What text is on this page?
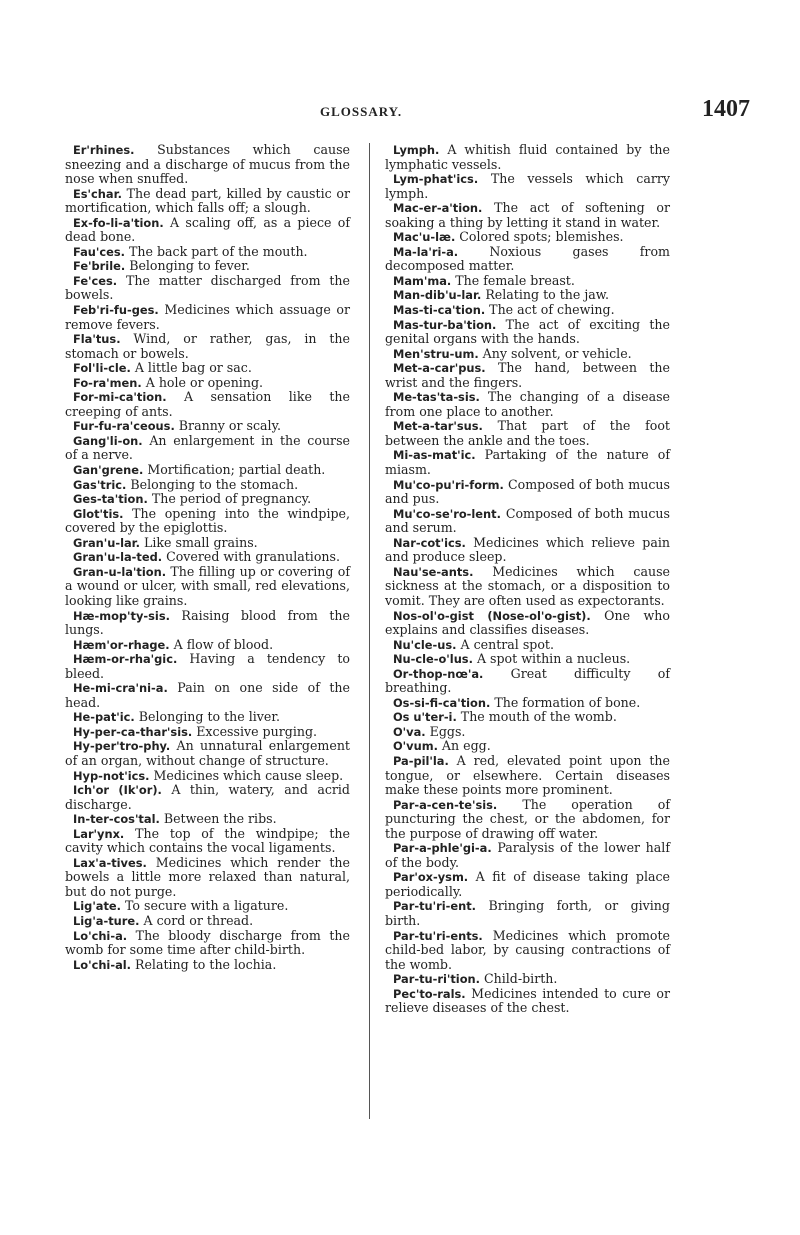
GLOSSARY.	1407

Er'rhines. Substances which cause sneezing and a discharge of mucus from the nose when snuffed.

Es'char. The dead part, killed by caustic or mortification, which falls off; a slough.

Ex-fo-li-a'tion. A scaling off, as a piece of dead bone.

Fau'ces. The back part of the mouth.

Fe'brile. Belonging to fever.

Fe'ces. The matter discharged from the bowels.

Feb'ri-fu-ges. Medicines which assuage or remove fevers.

Fla'tus. Wind, or rather, gas, in the stomach or bowels.

Fol'li-cle. A little bag or sac.

Fo-ra'men. A hole or opening.

For-mi-ca'tion. A sensation like the creeping of ants.

Fur-fu-ra'ceous. Branny or scaly.

Gang'li-on. An enlargement in the course of a nerve.

Gan'grene. Mortification; partial death.

Gas'tric. Belonging to the stomach.

Ges-ta'tion. The period of pregnancy.

Glot'tis. The opening into the windpipe, covered by the epiglottis.

Gran'u-lar. Like small grains.

Gran'u-la-ted. Covered with granulations.

Gran-u-la'tion. The filling up or covering of a wound or ulcer, with small, red elevations, looking like grains.

Hæ-mop'ty-sis. Raising blood from the lungs.

Hæm'or-rhage. A flow of blood.

Hæm-or-rha'gic. Having a tendency to bleed.

He-mi-cra'ni-a. Pain on one side of the head.

He-pat'ic. Belonging to the liver.

Hy-per-ca-thar'sis. Excessive purging.

Hy-per'tro-phy. An unnatural enlargement of an organ, without change of structure.

Hyp-not'ics. Medicines which cause sleep.

Ich'or (Ik'or). A thin, watery, and acrid discharge.

In-ter-cos'tal. Between the ribs.

Lar'ynx. The top of the windpipe; the cavity which contains the vocal ligaments.

Lax'a-tives. Medicines which render the bowels a little more relaxed than natural, but do not purge.

Lig'ate. To secure with a ligature.

Lig'a-ture. A cord or thread.

Lo'chi-a. The bloody discharge from the womb for some time after child-birth.

Lo'chi-al. Relating to the lochia.

Lymph. A whitish fluid contained by the lymphatic vessels.

Lym-phat'ics. The vessels which carry lymph.

Mac-er-a'tion. The act of softening or soaking a thing by letting it stand in water.

Mac'u-læ. Colored spots; blemishes.

Ma-la'ri-a. Noxious gases from decomposed matter.

Mam'ma. The female breast.

Man-dib'u-lar. Relating to the jaw.

Mas-ti-ca'tion. The act of chewing.

Mas-tur-ba'tion. The act of exciting the genital organs with the hands.

Men'stru-um. Any solvent, or vehicle.

Met-a-car'pus. The hand, between the wrist and the fingers.

Me-tas'ta-sis. The changing of a disease from one place to another.

Met-a-tar'sus. That part of the foot between the ankle and the toes.

Mi-as-mat'ic. Partaking of the nature of miasm.

Mu'co-pu'ri-form. Composed of both mucus and pus.

Mu'co-se'ro-lent. Composed of both mucus and serum.

Nar-cot'ics. Medicines which relieve pain and produce sleep.

Nau'se-ants. Medicines which cause sickness at the stomach, or a disposition to vomit. They are often used as expectorants.

Nos-ol'o-gist (Nose-ol'o-gist). One who explains and classifies diseases.

Nu'cle-us. A central spot.

Nu-cle-o'lus. A spot within a nucleus.

Or-thop-nœ'a. Great difficulty of breathing.

Os-si-fi-ca'tion. The formation of bone.

Os u'ter-i. The mouth of the womb.

O'va. Eggs.

O'vum. An egg.

Pa-pil'la. A red, elevated point upon the tongue, or elsewhere. Certain diseases make these points more prominent.

Par-a-cen-te'sis. The operation of puncturing the chest, or the abdomen, for the purpose of drawing off water.

Par-a-phle'gi-a. Paralysis of the lower half of the body.

Par'ox-ysm. A fit of disease taking place periodically.

Par-tu'ri-ent. Bringing forth, or giving birth.

Par-tu'ri-ents. Medicines which promote child-bed labor, by causing contractions of the womb.

Par-tu-ri'tion. Child-birth.

Pec'to-rals. Medicines intended to cure or relieve diseases of the chest.
